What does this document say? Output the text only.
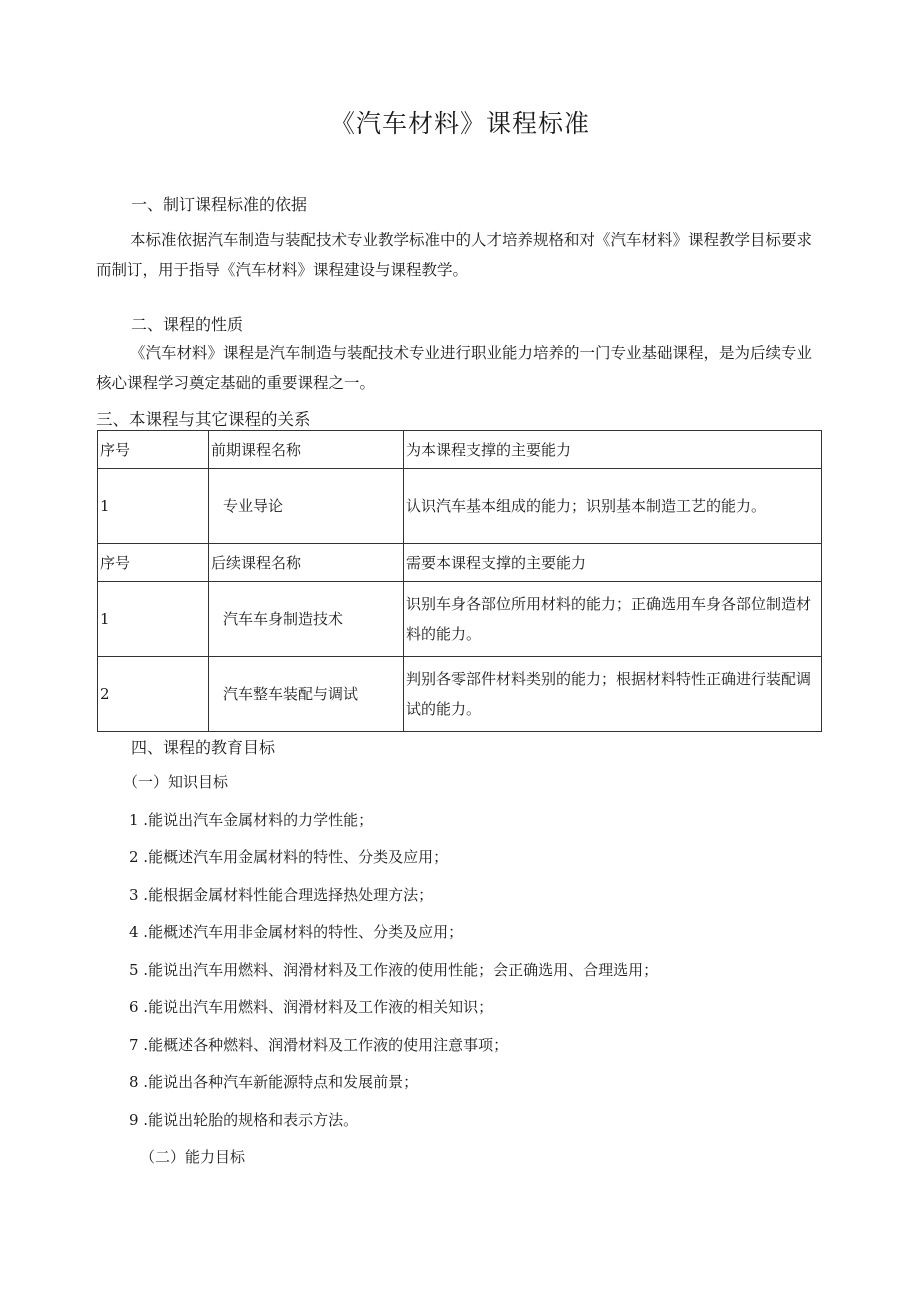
《汽车材料》课程标准
一、制订课程标准的依据
本标准依据汽车制造与装配技术专业教学标准中的人才培养规格和对《汽车材料》课程教学目标要求而制订，用于指导《汽车材料》课程建设与课程教学。
二、课程的性质
《汽车材料》课程是汽车制造与装配技术专业进行职业能力培养的一门专业基础课程，是为后续专业核心课程学习奠定基础的重要课程之一。
三、本课程与其它课程的关系
序号	前期课程名称	为本课程支撑的主要能力
1	专业导论	认识汽车基本组成的能力；识别基本制造工艺的能力。
序号	后续课程名称	需要本课程支撑的主要能力
1	汽车车身制造技术	识别车身各部位所用材料的能力；正确选用车身各部位制造材料的能力。
2	汽车整车装配与调试	判别各零部件材料类别的能力；根据材料特性正确进行装配调试的能力。
四、课程的教育目标
（一）知识目标
1 .能说出汽车金属材料的力学性能；
2 .能概述汽车用金属材料的特性、分类及应用；
3 .能根据金属材料性能合理选择热处理方法；
4 .能概述汽车用非金属材料的特性、分类及应用；
5 .能说出汽车用燃料、润滑材料及工作液的使用性能；会正确选用、合理选用；
6 .能说出汽车用燃料、润滑材料及工作液的相关知识；
7 .能概述各种燃料、润滑材料及工作液的使用注意事项；
8 .能说出各种汽车新能源特点和发展前景；
9 .能说出轮胎的规格和表示方法。
（二）能力目标
